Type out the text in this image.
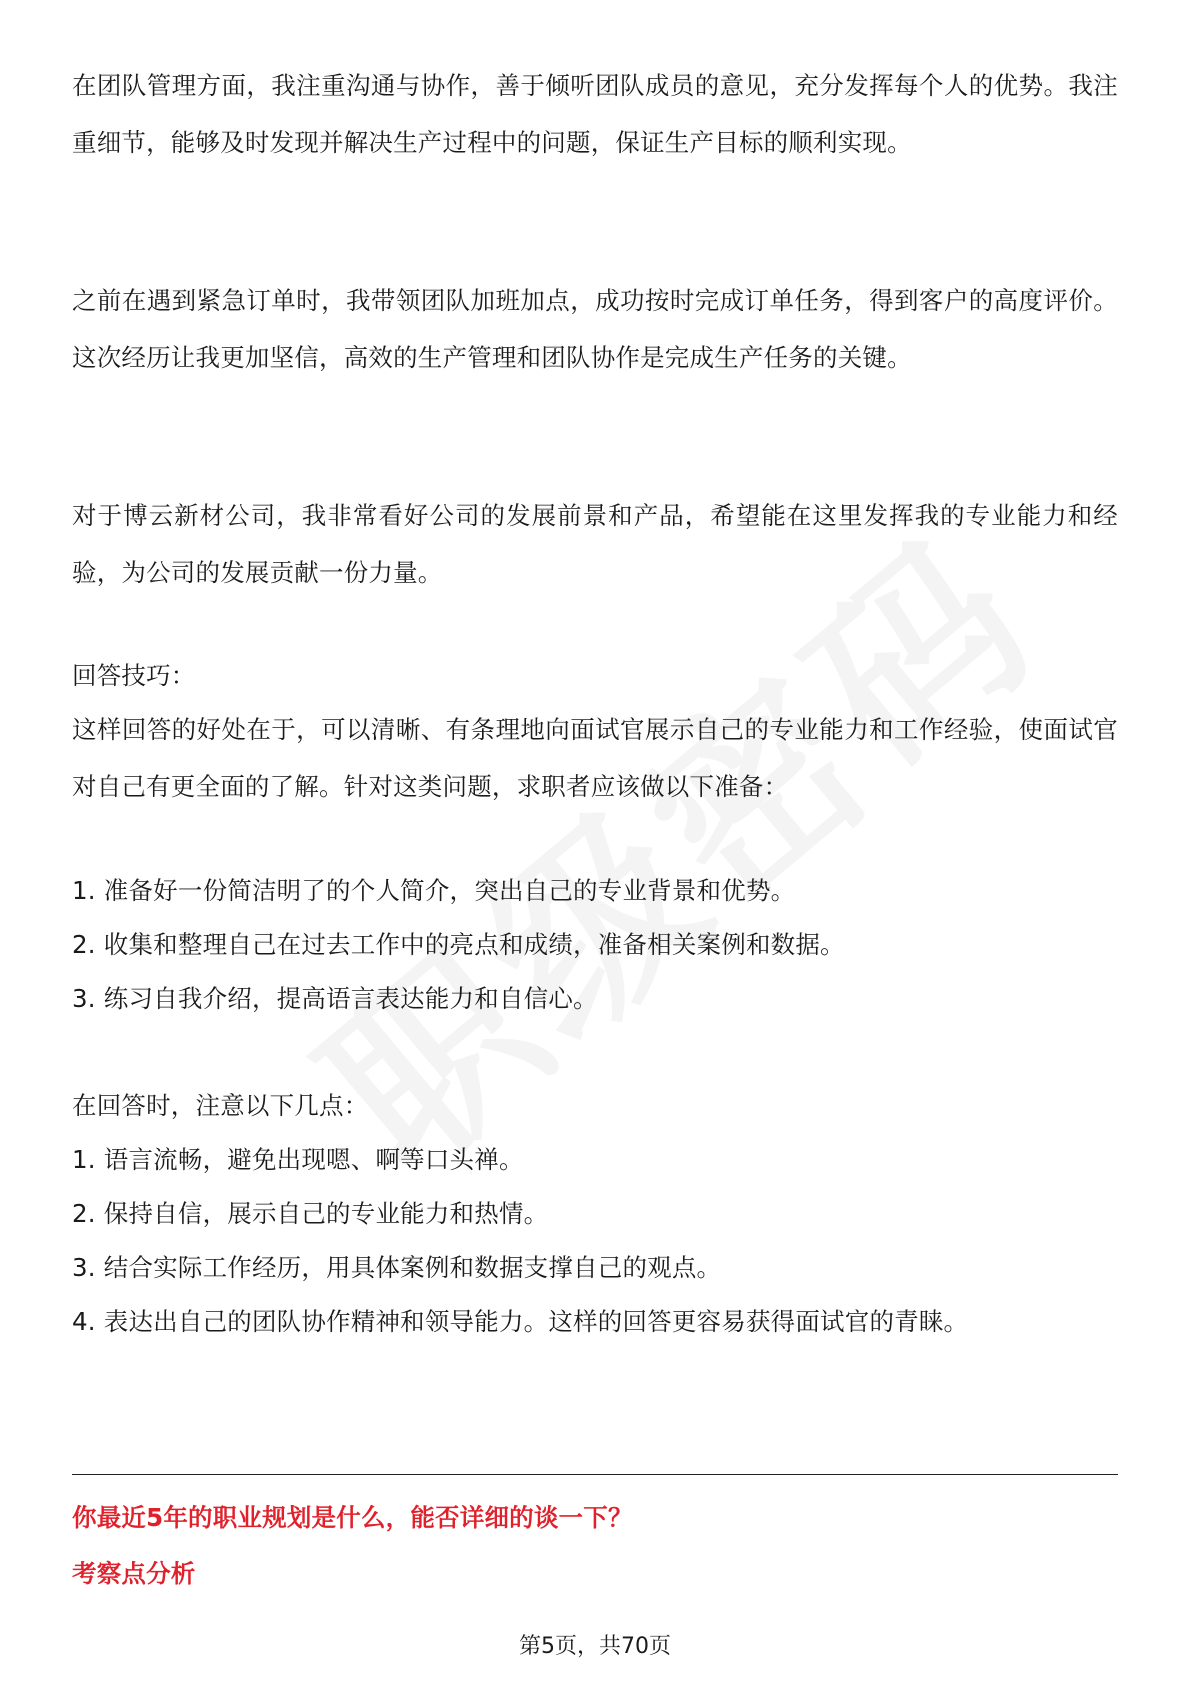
在团队管理方面，我注重沟通与协作，善于倾听团队成员的意见，充分发挥每个人的优势。我注重细节，能够及时发现并解决生产过程中的问题，保证生产目标的顺利实现。

之前在遇到紧急订单时，我带领团队加班加点，成功按时完成订单任务，得到客户的高度评价。这次经历让我更加坚信，高效的生产管理和团队协作是完成生产任务的关键。

对于博云新材公司，我非常看好公司的发展前景和产品，希望能在这里发挥我的专业能力和经验，为公司的发展贡献一份力量。

回答技巧：

这样回答的好处在于，可以清晰、有条理地向面试官展示自己的专业能力和工作经验，使面试官对自己有更全面的了解。针对这类问题，求职者应该做以下准备：

1. 准备好一份简洁明了的个人简介，突出自己的专业背景和优势。

2. 收集和整理自己在过去工作中的亮点和成绩，准备相关案例和数据。

3. 练习自我介绍，提高语言表达能力和自信心。

在回答时，注意以下几点：

1. 语言流畅，避免出现嗯、啊等口头禅。

2. 保持自信，展示自己的专业能力和热情。

3. 结合实际工作经历，用具体案例和数据支撑自己的观点。

4. 表达出自己的团队协作精神和领导能力。这样的回答更容易获得面试官的青睐。

你最近5年的职业规划是什么，能否详细的谈一下？

考察点分析

第5页，共70页
